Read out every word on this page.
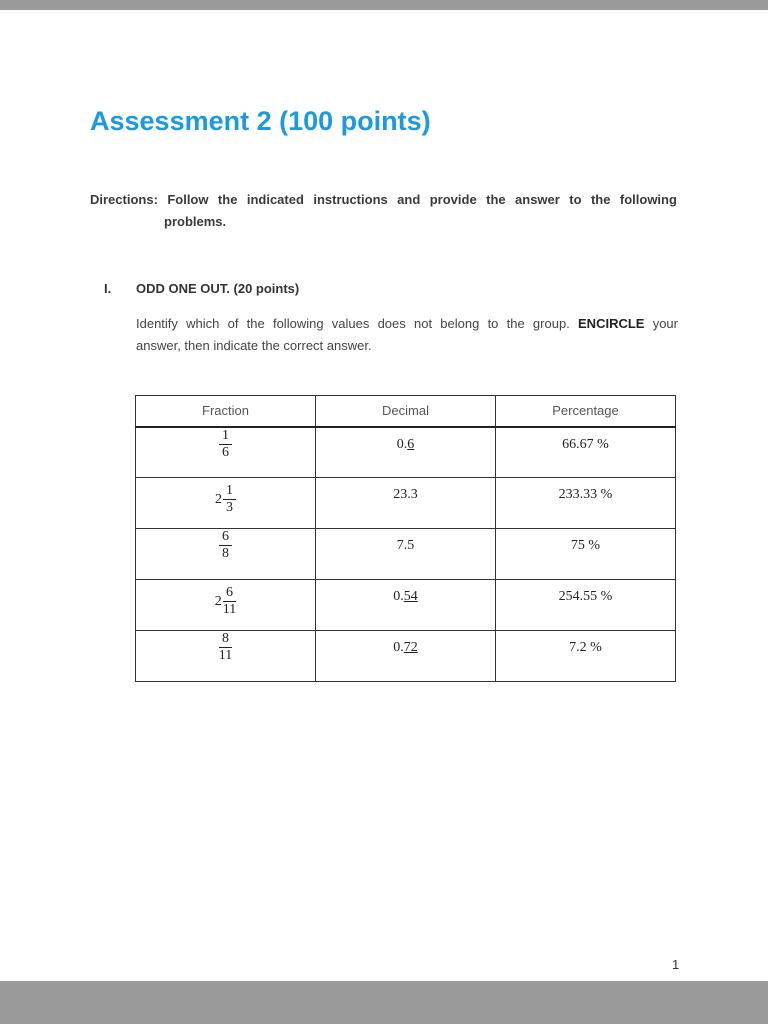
Assessment 2 (100 points)
Directions: Follow the indicated instructions and provide the answer to the following
problems.
I. ODD ONE OUT. (20 points)
Identify which of the following values does not belong to the group. ENCIRCLE your
answer, then indicate the correct answer.
Fraction	Decimal	Percentage

$\frac{1}{6}$	0.6	66.67 %

$2 \frac{1}{3}$	23.3	233.33 %

$\frac{6}{8}$	7.5	75 %

$2 \frac{6}{11}$	0.54	254.55 %

$\frac{8}{11}$	0.72	7.2 %
1
